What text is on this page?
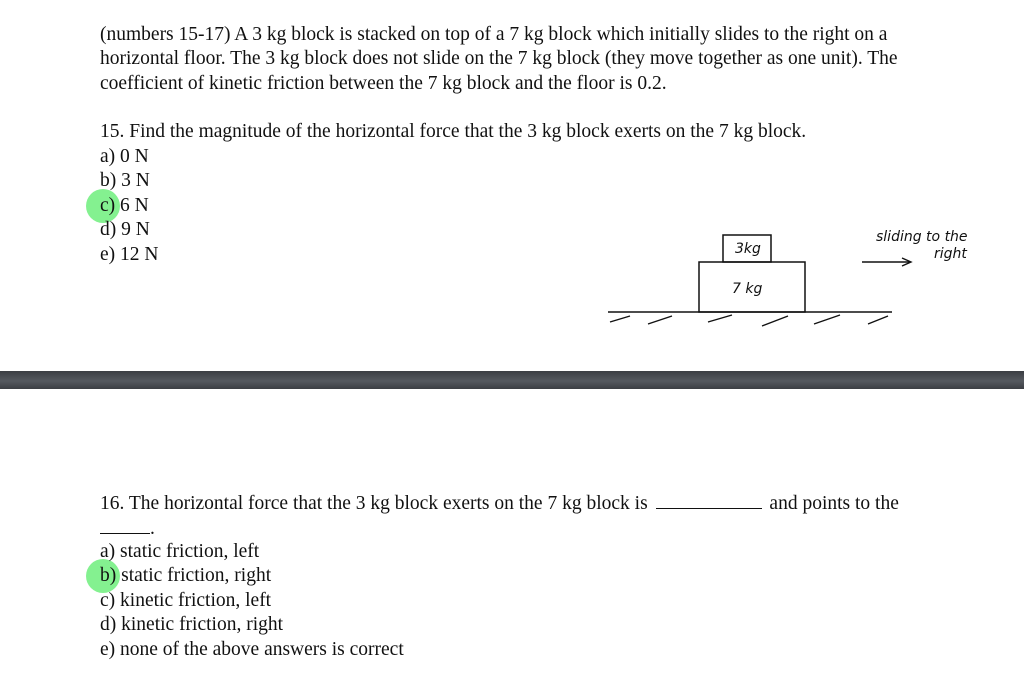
(numbers 15-17) A 3 kg block is stacked on top of a 7 kg block which initially slides to the right on a
horizontal floor. The 3 kg block does not slide on the 7 kg block (they move together as one unit). The
coefficient of kinetic friction between the 7 kg block and the floor is 0.2.
15. Find the magnitude of the horizontal force that the 3 kg block exerts on the 7 kg block.
a) 0 N
b) 3 N
c) 6 N
d) 9 N
e) 12 N	3kg
7 kg
sliding to the
right
16. The horizontal force that the 3 kg block exerts on the 7 kg block is	and points to the
.
a) static friction, left
b) static friction, right
c) kinetic friction, left
d) kinetic friction, right
e) none of the above answers is correct
